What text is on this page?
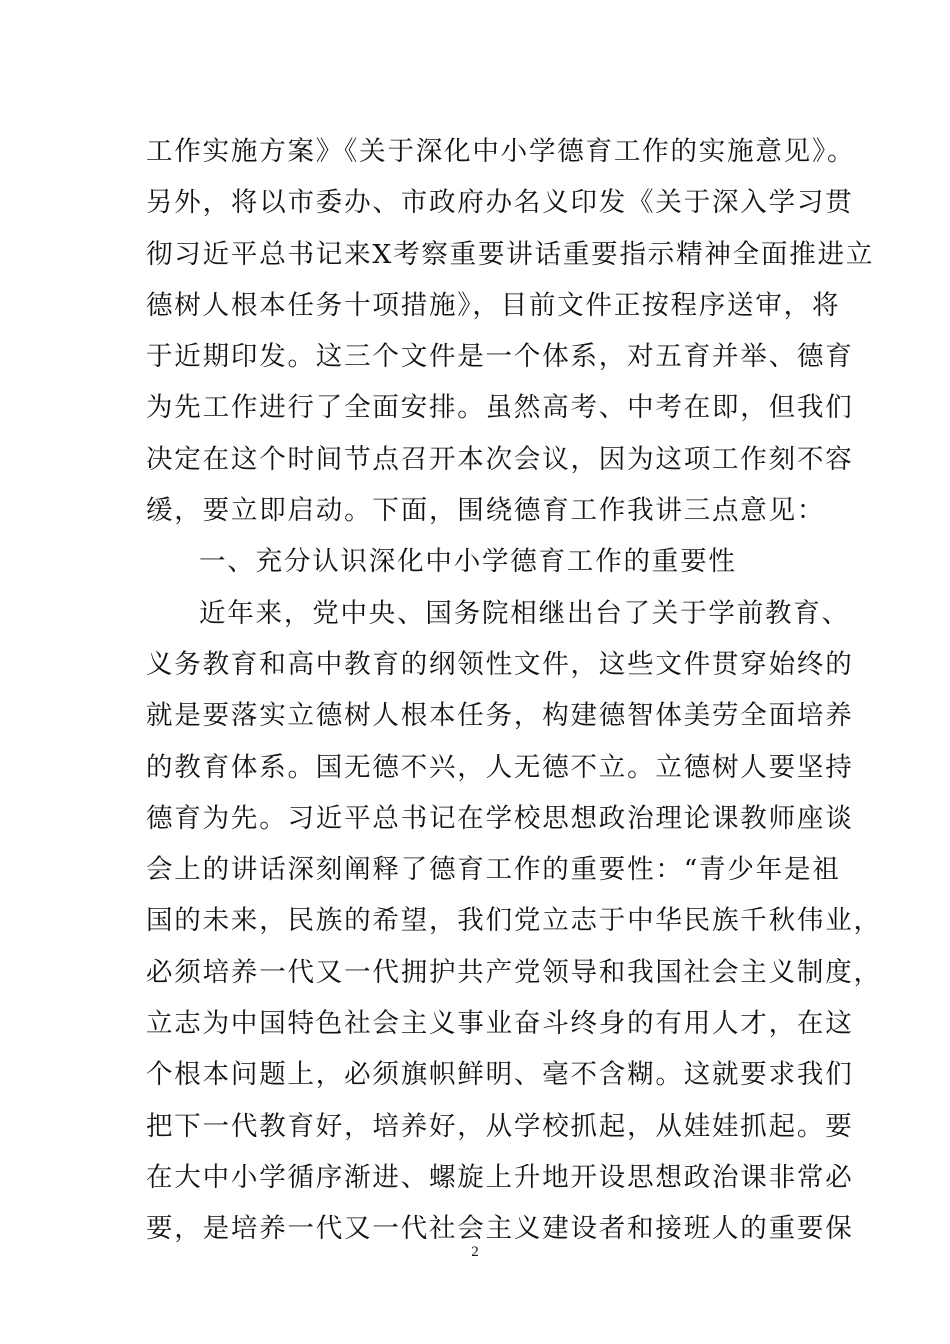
工作实施方案》《关于深化中小学德育工作的实施意见》。
另外，将以市委办、市政府办名义印发《关于深入学习贯
彻习近平总书记来X考察重要讲话重要指示精神全面推进立
德树人根本任务十项措施》，目前文件正按程序送审，将
于近期印发。这三个文件是一个体系，对五育并举、德育
为先工作进行了全面安排。虽然高考、中考在即，但我们
决定在这个时间节点召开本次会议，因为这项工作刻不容
缓，要立即启动。下面，围绕德育工作我讲三点意见：
一、充分认识深化中小学德育工作的重要性
近年来，党中央、国务院相继出台了关于学前教育、
义务教育和高中教育的纲领性文件，这些文件贯穿始终的
就是要落实立德树人根本任务，构建德智体美劳全面培养
的教育体系。国无德不兴，人无德不立。立德树人要坚持
德育为先。习近平总书记在学校思想政治理论课教师座谈
会上的讲话深刻阐释了德育工作的重要性：“青少年是祖
国的未来，民族的希望，我们党立志于中华民族千秋伟业，
必须培养一代又一代拥护共产党领导和我国社会主义制度，
立志为中国特色社会主义事业奋斗终身的有用人才，在这
个根本问题上，必须旗帜鲜明、毫不含糊。这就要求我们
把下一代教育好，培养好，从学校抓起，从娃娃抓起。要
在大中小学循序渐进、螺旋上升地开设思想政治课非常必
要，是培养一代又一代社会主义建设者和接班人的重要保
2
